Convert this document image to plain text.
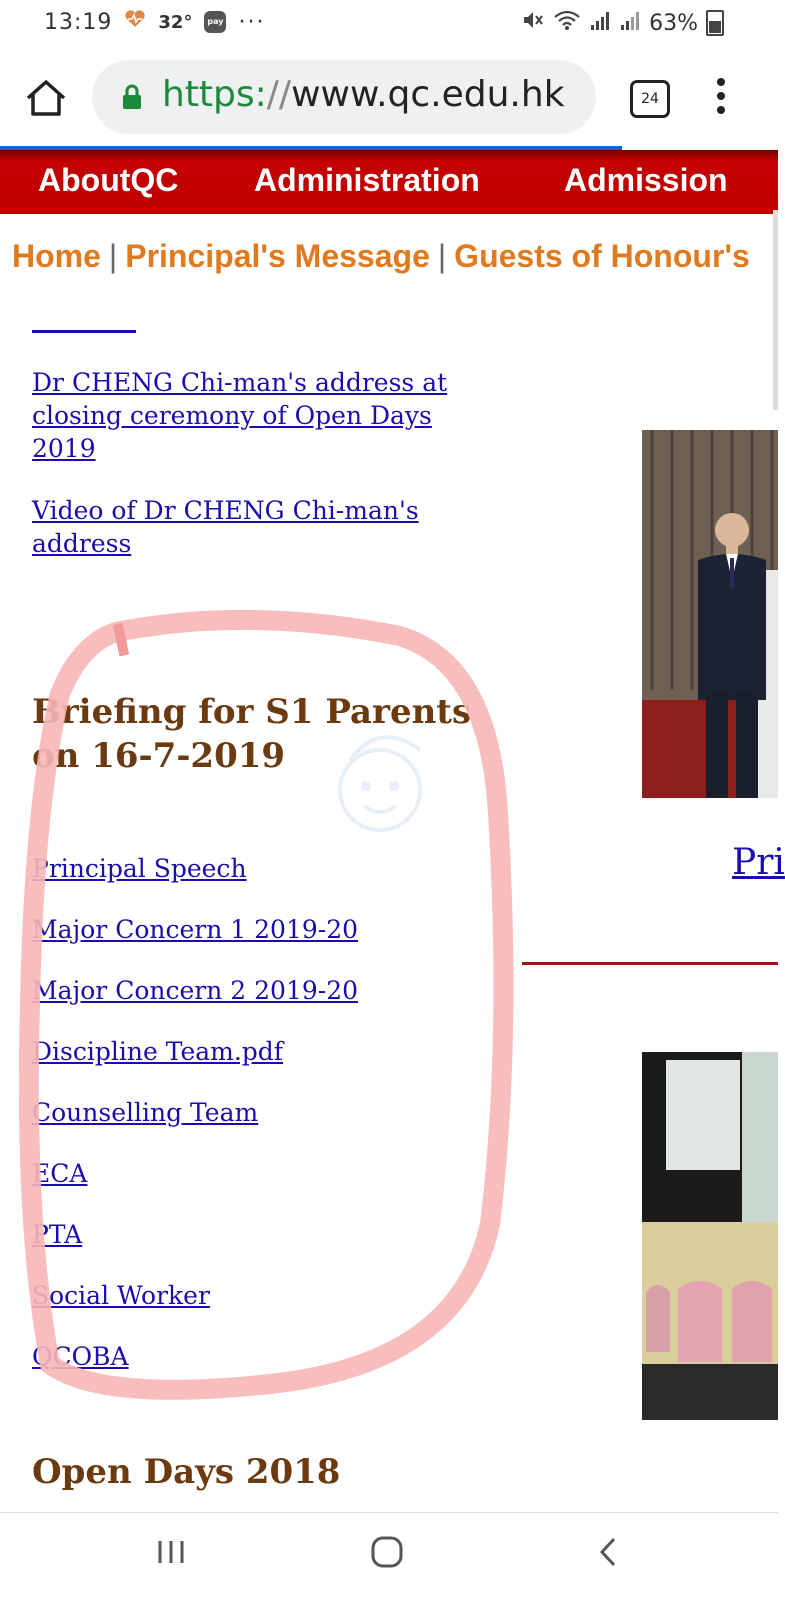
13:19	32°	pay ···	63%
https://www.qc.edu.hk	24
AboutQC Administration	Admission
Home | Principal's Message | Guests of Honour's
Dr CHENG Chi-man's address at closing ceremony of Open Days 2019
Video of Dr CHENG Chi-man's address
Briefing for S1 Parents on 16-7-2019
Principal Speech
Major Concern 1 2019-20
Major Concern 2 2019-20
Discipline Team.pdf
Counselling Team
ECA
PTA
Social Worker
QCOBA
Open Days 2018
Pri
